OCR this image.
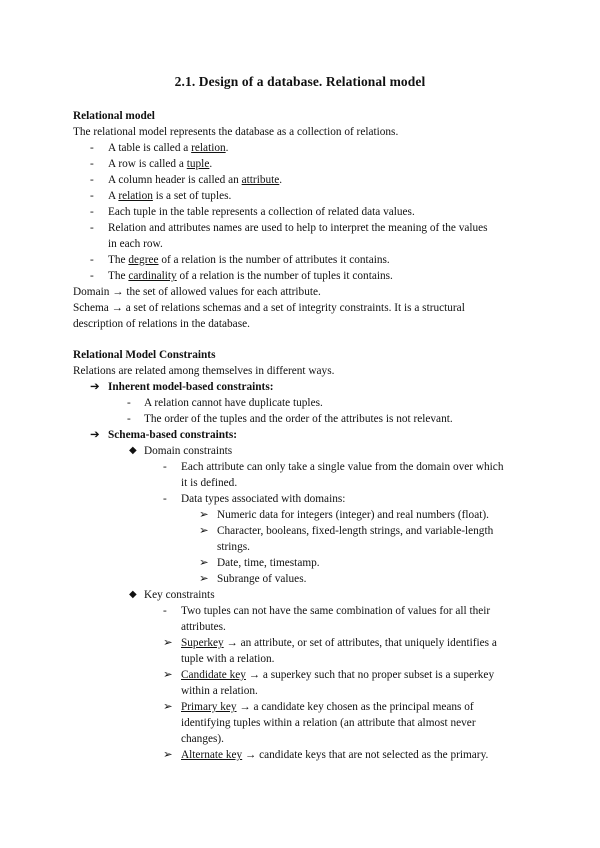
2.1. Design of a database. Relational model
Relational model
The relational model represents the database as a collection of relations.
- A table is called a relation.
- A row is called a tuple.
- A column header is called an attribute.
- A relation is a set of tuples.
- Each tuple in the table represents a collection of related data values.
- Relation and attributes names are used to help to interpret the meaning of the values
in each row.
- The degree of a relation is the number of attributes it contains.
- The cardinality of a relation is the number of tuples it contains.
Domain → the set of allowed values for each attribute.
Schema → a set of relations schemas and a set of integrity constraints. It is a structural
description of relations in the database.
Relational Model Constraints
Relations are related among themselves in different ways.
➔ Inherent model-based constraints:
- A relation cannot have duplicate tuples.
- The order of the tuples and the order of the attributes is not relevant.
➔ Schema-based constraints:
◆ Domain constraints
- Each attribute can only take a single value from the domain over which
it is defined.
- Data types associated with domains:
➢ Numeric data for integers (integer) and real numbers (float).
➢ Character, booleans, fixed-length strings, and variable-length
strings.
➢ Date, time, timestamp.
➢ Subrange of values.
◆ Key constraints
- Two tuples can not have the same combination of values for all their
attributes.
➢ Superkey → an attribute, or set of attributes, that uniquely identifies a
tuple with a relation.
➢ Candidate key → a superkey such that no proper subset is a superkey
within a relation.
➢ Primary key → a candidate key chosen as the principal means of
identifying tuples within a relation (an attribute that almost never
changes).
➢ Alternate key → candidate keys that are not selected as the primary.
